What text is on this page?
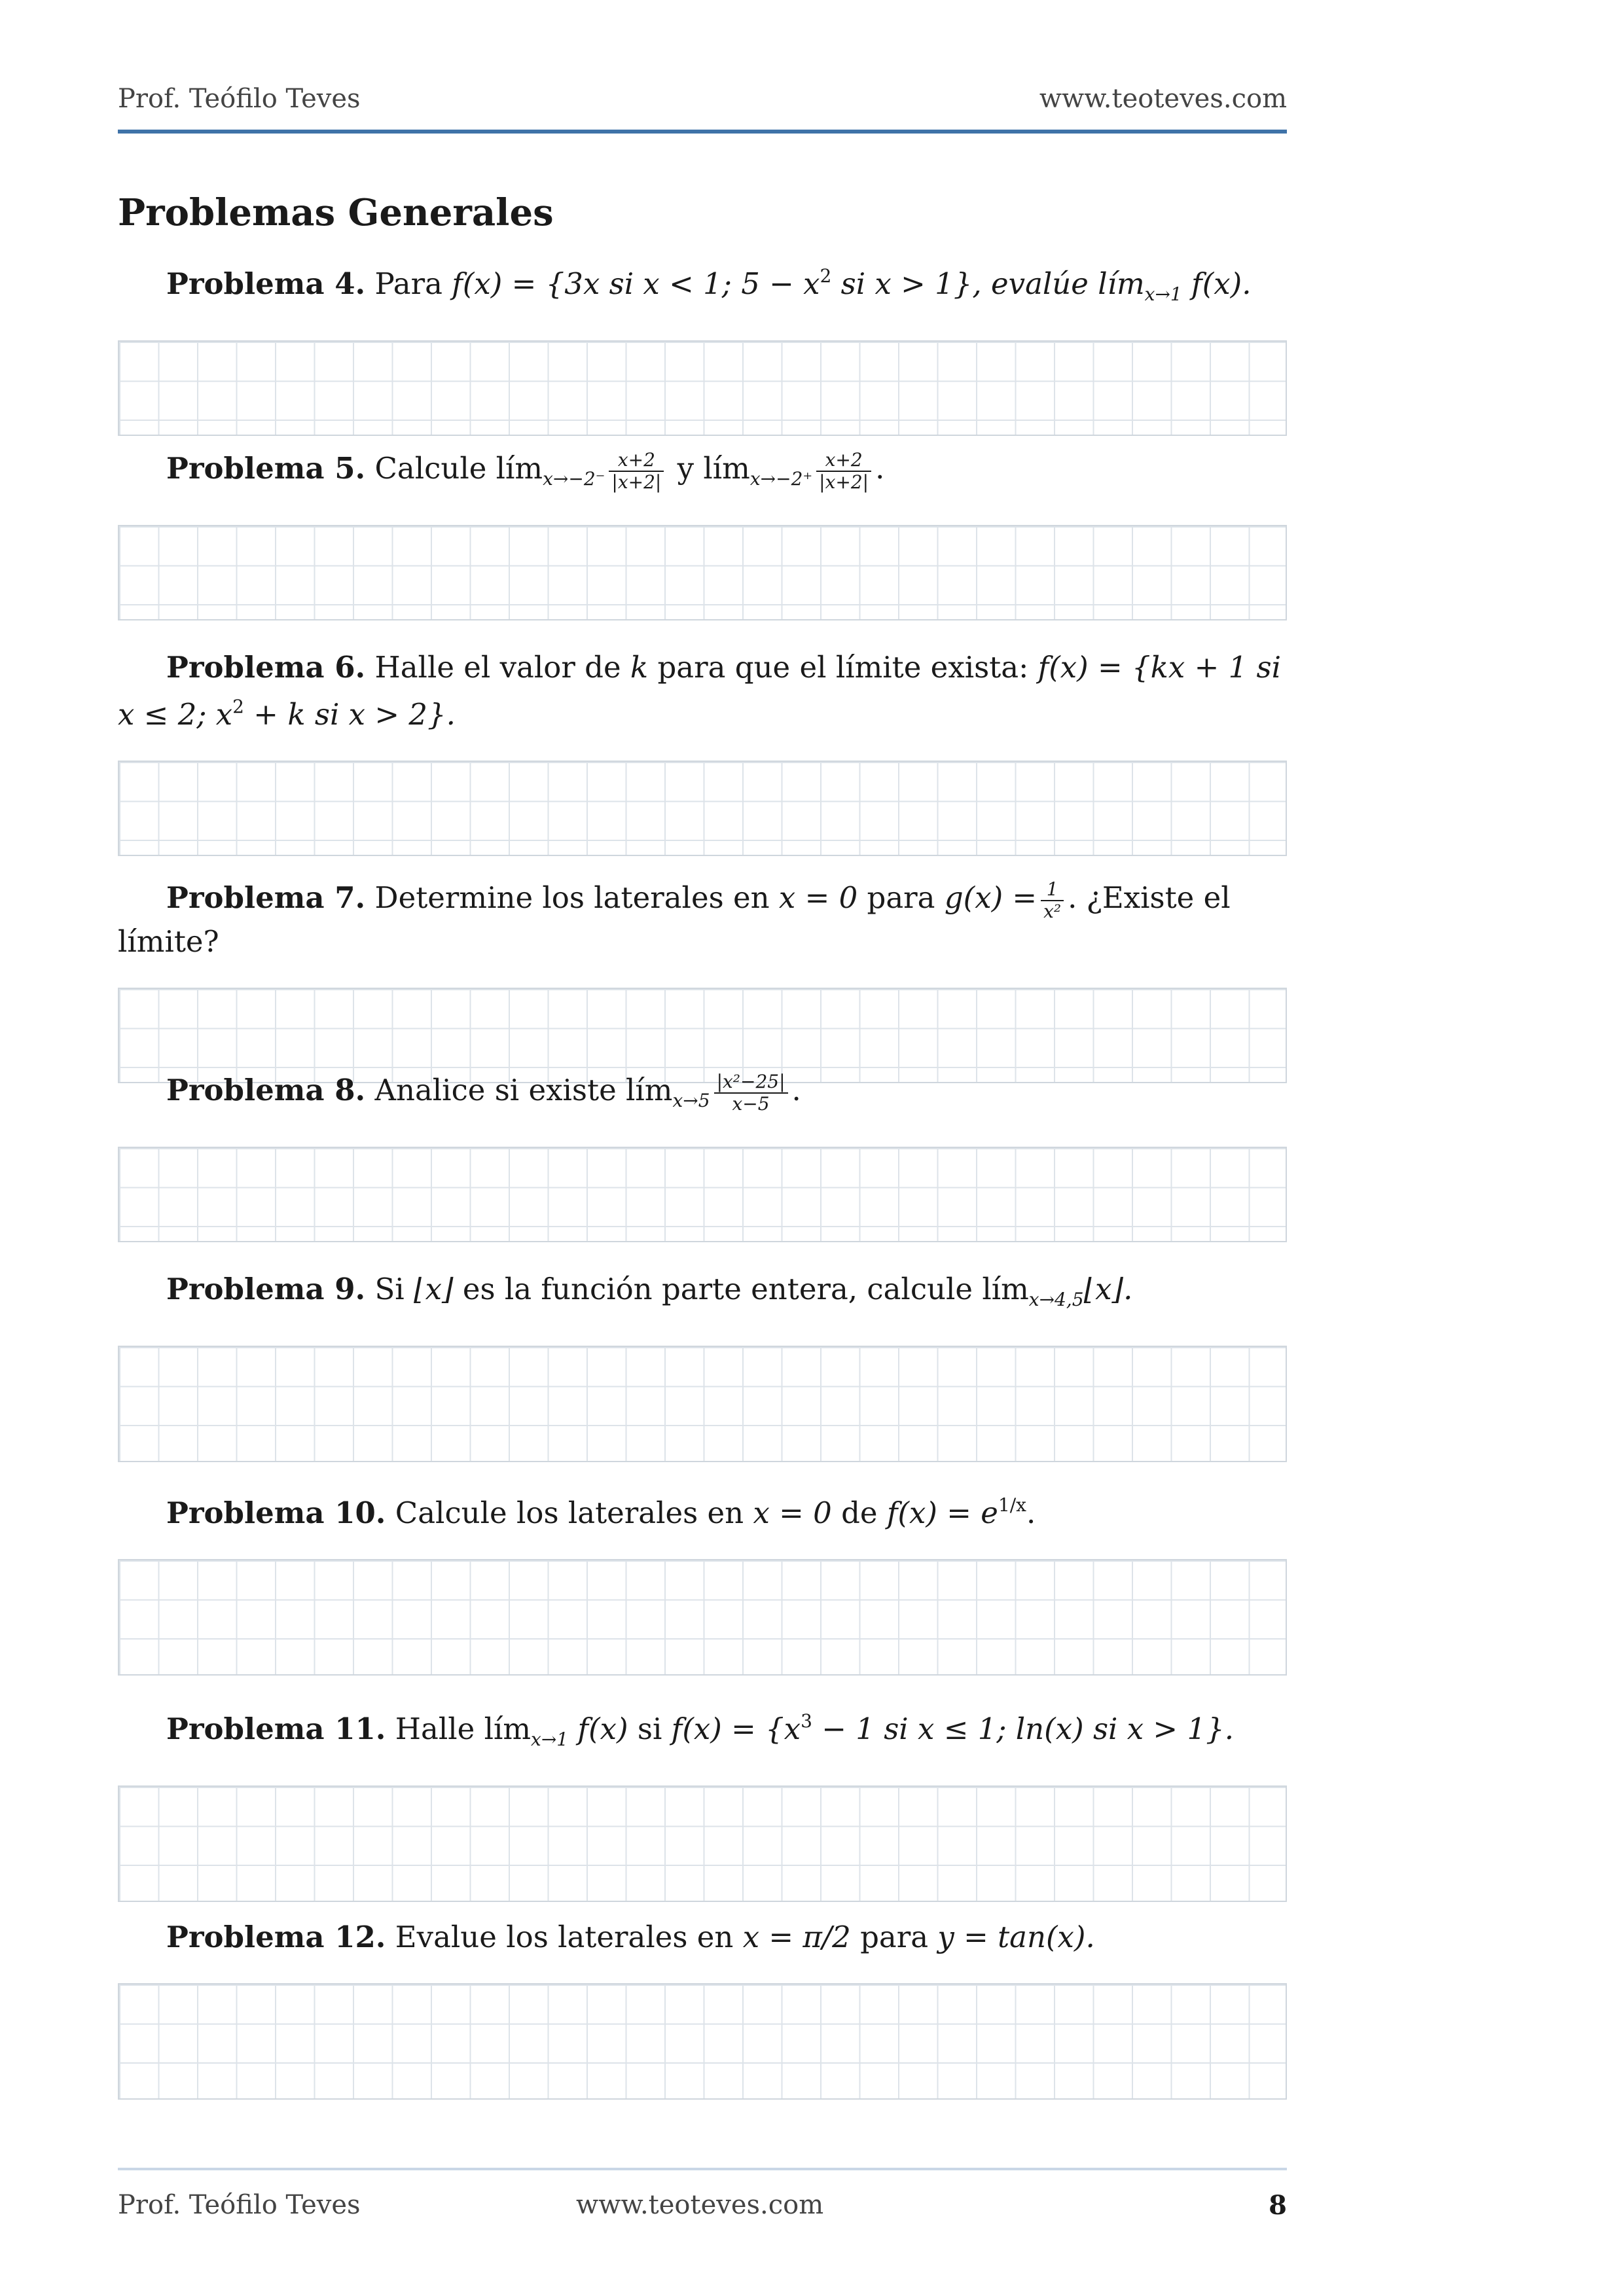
Prof. Teófilo Teves	www.teoteves.com
Problemas Generales

Problema 4. Para f(x) = {3x si x < 1; $5 - x^2$ si x > 1}, evalúe lím$_{x\to 1}$ f(x).

Problema 5. Calcule lím$_{x\to-2^-}$ $\frac{x+2}{|x+2|}$ y lím$_{x\to-2^+}$ $\frac{x+2}{|x+2|}$ .

Problema 6. Halle el valor de k para que el límite exista: f(x) = {kx + 1 si x ≤ 2; $x^2 + k$ si x > 2}.

Problema 7. Determine los laterales en x = 0 para $g(x) = \frac{1}{\text{x²}}$ . ¿Existe el límite?

Problema 8. Analice si existe lím$_{x\to 5}$ $\frac{\text{|x²−25|}}{x-5}$ .

Problema 9. Si ⌊x⌋ es la función parte entera, calcule lím$_{x\to 4,5}$⌊x⌋.

Problema 10. Calcule los laterales en x = 0 de $f(x) = e^{1/x}$.

Problema 11. Halle lím$_{x\to 1}$ f(x) si $f(x) = \{x^3 - 1$ si x ≤ 1; ln(x) si x > 1}.

Problema 12. Evalue los laterales en x = π/2 para y = tan(x).

Prof. Teófilo Teves	www.teoteves.com	8
